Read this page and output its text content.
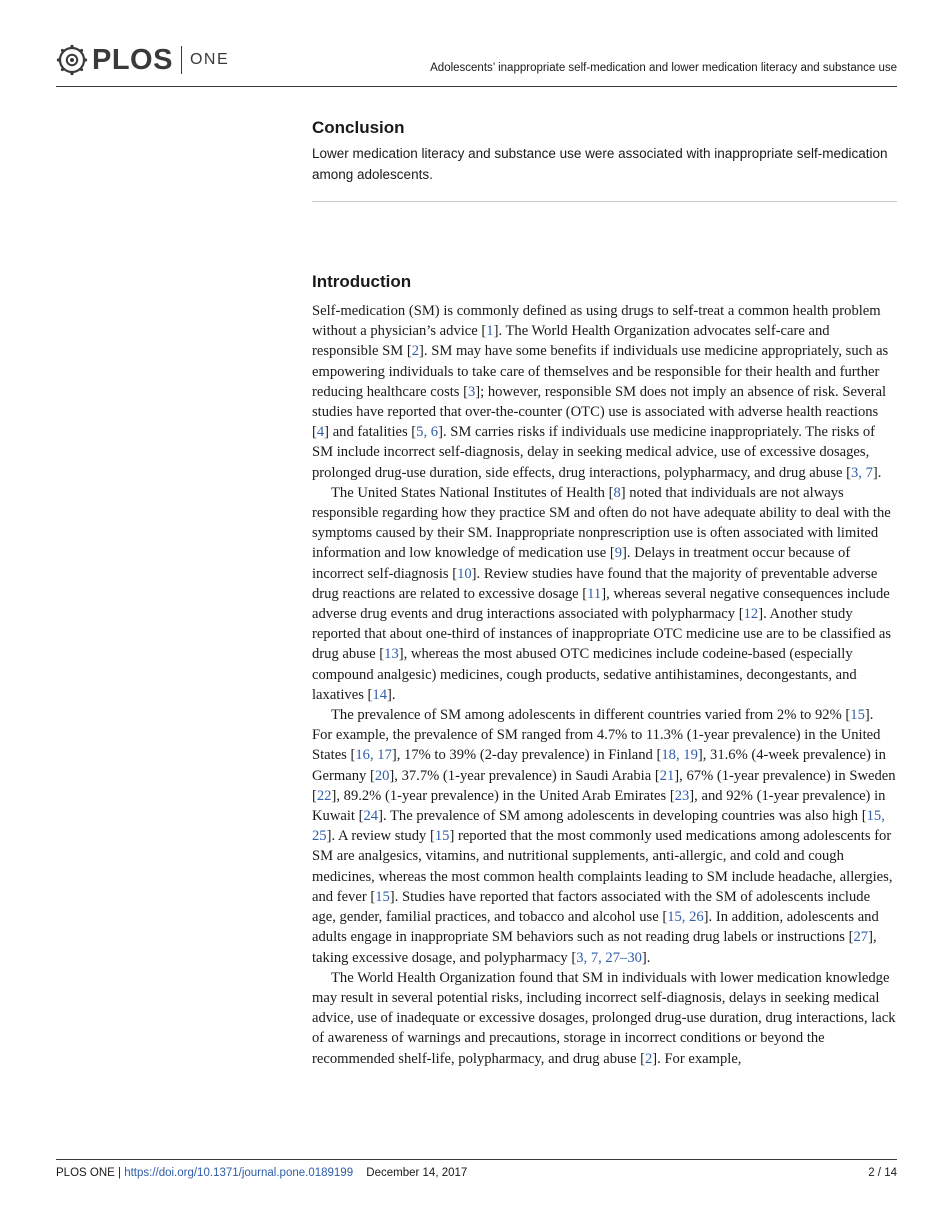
PLOS ONE	Adolescents’ inappropriate self-medication and lower medication literacy and substance use
Conclusion

Lower medication literacy and substance use were associated with inappropriate self-medication among adolescents.

Introduction

Self-medication (SM) is commonly defined as using drugs to self-treat a common health problem without a physician’s advice [1]. The World Health Organization advocates self-care and responsible SM [2]. SM may have some benefits if individuals use medicine appropriately, such as empowering individuals to take care of themselves and be responsible for their health and further reducing healthcare costs [3]; however, responsible SM does not imply an absence of risk. Several studies have reported that over-the-counter (OTC) use is associated with adverse health reactions [4] and fatalities [5, 6]. SM carries risks if individuals use medicine inappropriately. The risks of SM include incorrect self-diagnosis, delay in seeking medical advice, use of excessive dosages, prolonged drug-use duration, side effects, drug interactions, polypharmacy, and drug abuse [3, 7].

The United States National Institutes of Health [8] noted that individuals are not always responsible regarding how they practice SM and often do not have adequate ability to deal with the symptoms caused by their SM. Inappropriate nonprescription use is often associated with limited information and low knowledge of medication use [9]. Delays in treatment occur because of incorrect self-diagnosis [10]. Review studies have found that the majority of preventable adverse drug reactions are related to excessive dosage [11], whereas several negative consequences include adverse drug events and drug interactions associated with polypharmacy [12]. Another study reported that about one-third of instances of inappropriate OTC medicine use are to be classified as drug abuse [13], whereas the most abused OTC medicines include codeine-based (especially compound analgesic) medicines, cough products, sedative antihistamines, decongestants, and laxatives [14].

The prevalence of SM among adolescents in different countries varied from 2% to 92% [15]. For example, the prevalence of SM ranged from 4.7% to 11.3% (1-year prevalence) in the United States [16, 17], 17% to 39% (2-day prevalence) in Finland [18, 19], 31.6% (4-week prevalence) in Germany [20], 37.7% (1-year prevalence) in Saudi Arabia [21], 67% (1-year prevalence) in Sweden [22], 89.2% (1-year prevalence) in the United Arab Emirates [23], and 92% (1-year prevalence) in Kuwait [24]. The prevalence of SM among adolescents in developing countries was also high [15, 25]. A review study [15] reported that the most commonly used medications among adolescents for SM are analgesics, vitamins, and nutritional supplements, anti-allergic, and cold and cough medicines, whereas the most common health complaints leading to SM include headache, allergies, and fever [15]. Studies have reported that factors associated with the SM of adolescents include age, gender, familial practices, and tobacco and alcohol use [15, 26]. In addition, adolescents and adults engage in inappropriate SM behaviors such as not reading drug labels or instructions [27], taking excessive dosage, and polypharmacy [3, 7, 27–30].

The World Health Organization found that SM in individuals with lower medication knowledge may result in several potential risks, including incorrect self-diagnosis, delays in seeking medical advice, use of inadequate or excessive dosages, prolonged drug-use duration, drug interactions, lack of awareness of warnings and precautions, storage in incorrect conditions or beyond the recommended shelf-life, polypharmacy, and drug abuse [2]. For example,

PLOS ONE | https://doi.org/10.1371/journal.pone.0189199 December 14, 2017	2 / 14
